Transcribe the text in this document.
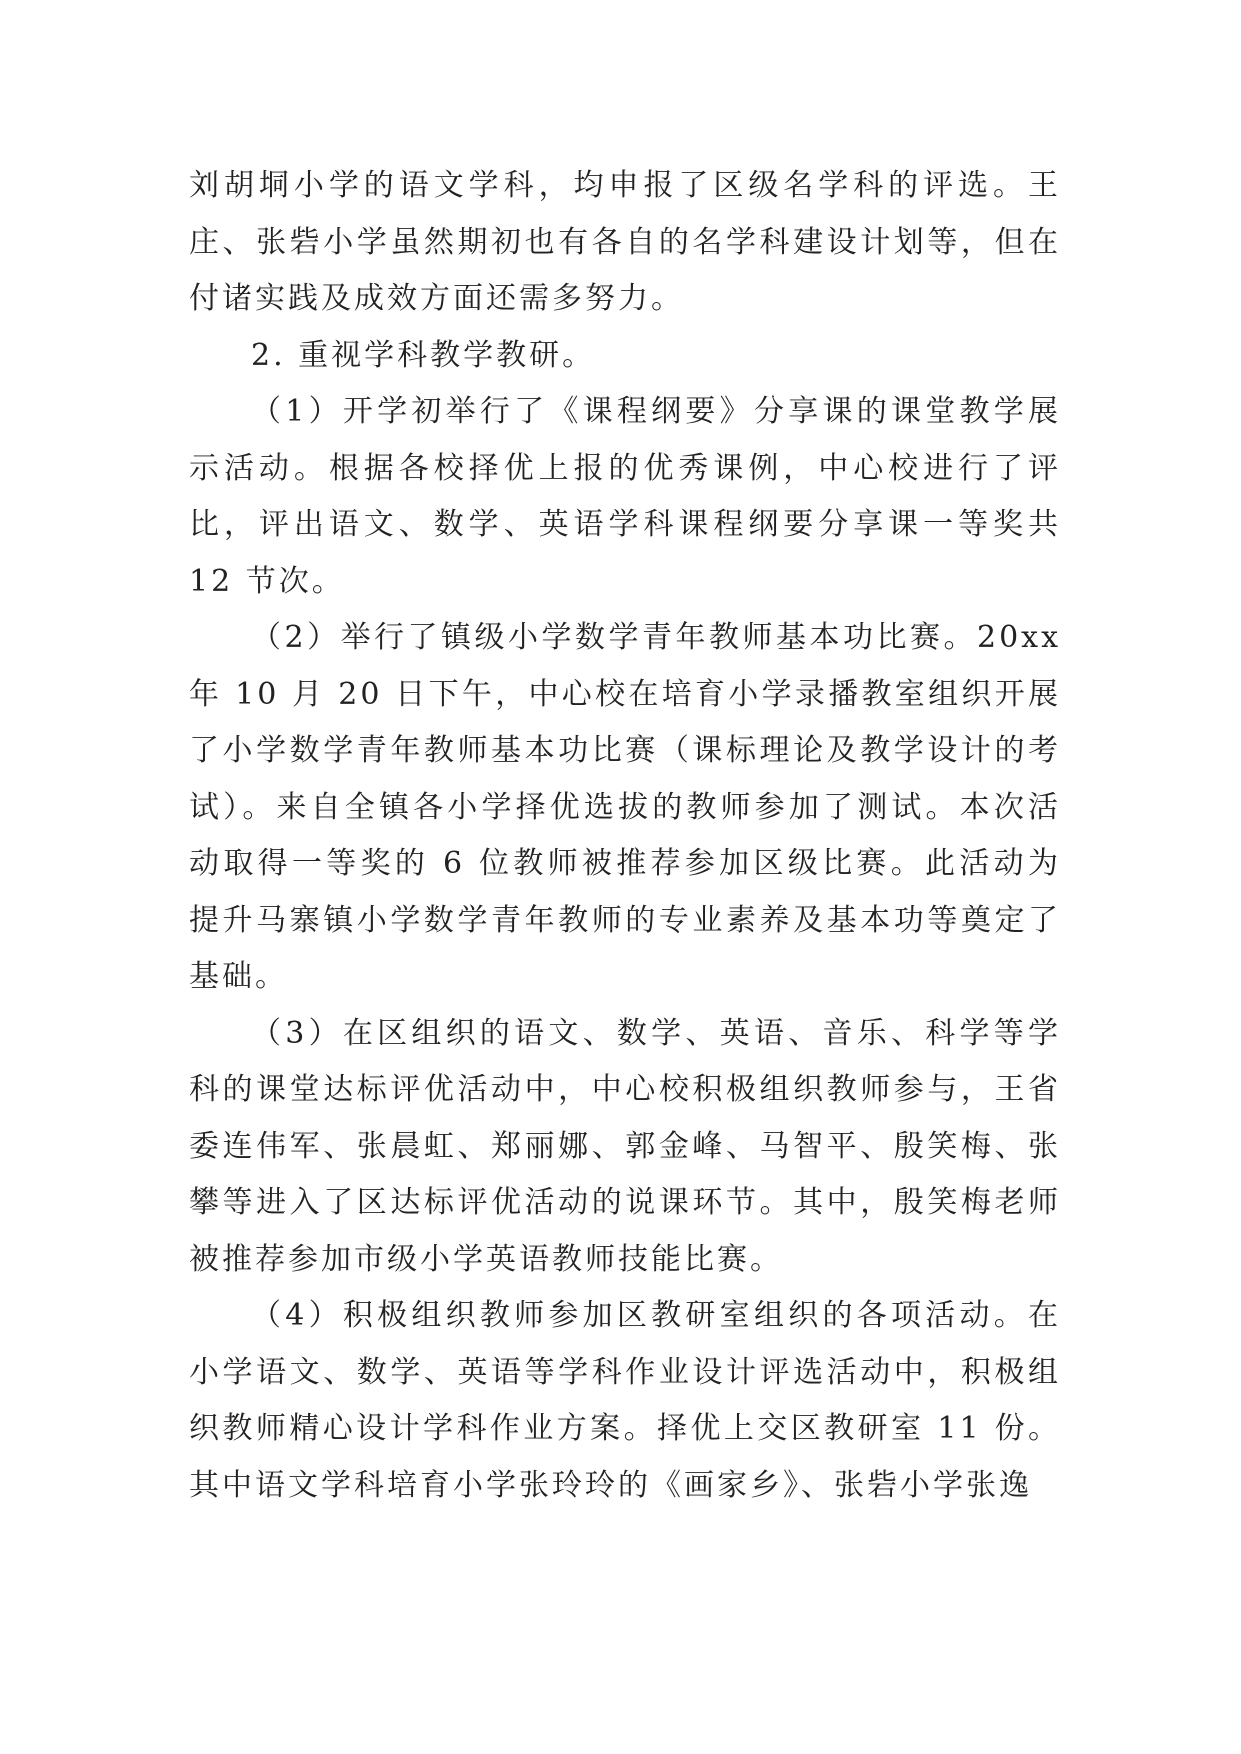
刘胡垌小学的语文学科，均申报了区级名学科的评选。王庄、张砦小学虽然期初也有各自的名学科建设计划等，但在付诸实践及成效方面还需多努力。

2. 重视学科教学教研。

（1）开学初举行了《课程纲要》分享课的课堂教学展示活动。根据各校择优上报的优秀课例，中心校进行了评比，评出语文、数学、英语学科课程纲要分享课一等奖共 12 节次。

（2）举行了镇级小学数学青年教师基本功比赛。20xx 年 10 月 20 日下午，中心校在培育小学录播教室组织开展了小学数学青年教师基本功比赛（课标理论及教学设计的考试）。来自全镇各小学择优选拔的教师参加了测试。本次活动取得一等奖的 6 位教师被推荐参加区级比赛。此活动为提升马寨镇小学数学青年教师的专业素养及基本功等奠定了基础。

（3）在区组织的语文、数学、英语、音乐、科学等学科的课堂达标评优活动中，中心校积极组织教师参与，王省委连伟军、张晨虹、郑丽娜、郭金峰、马智平、殷笑梅、张攀等进入了区达标评优活动的说课环节。其中，殷笑梅老师被推荐参加市级小学英语教师技能比赛。

（4）积极组织教师参加区教研室组织的各项活动。在小学语文、数学、英语等学科作业设计评选活动中，积极组织教师精心设计学科作业方案。择优上交区教研室 11 份。其中语文学科培育小学张玲玲的《画家乡》、张砦小学张逸
